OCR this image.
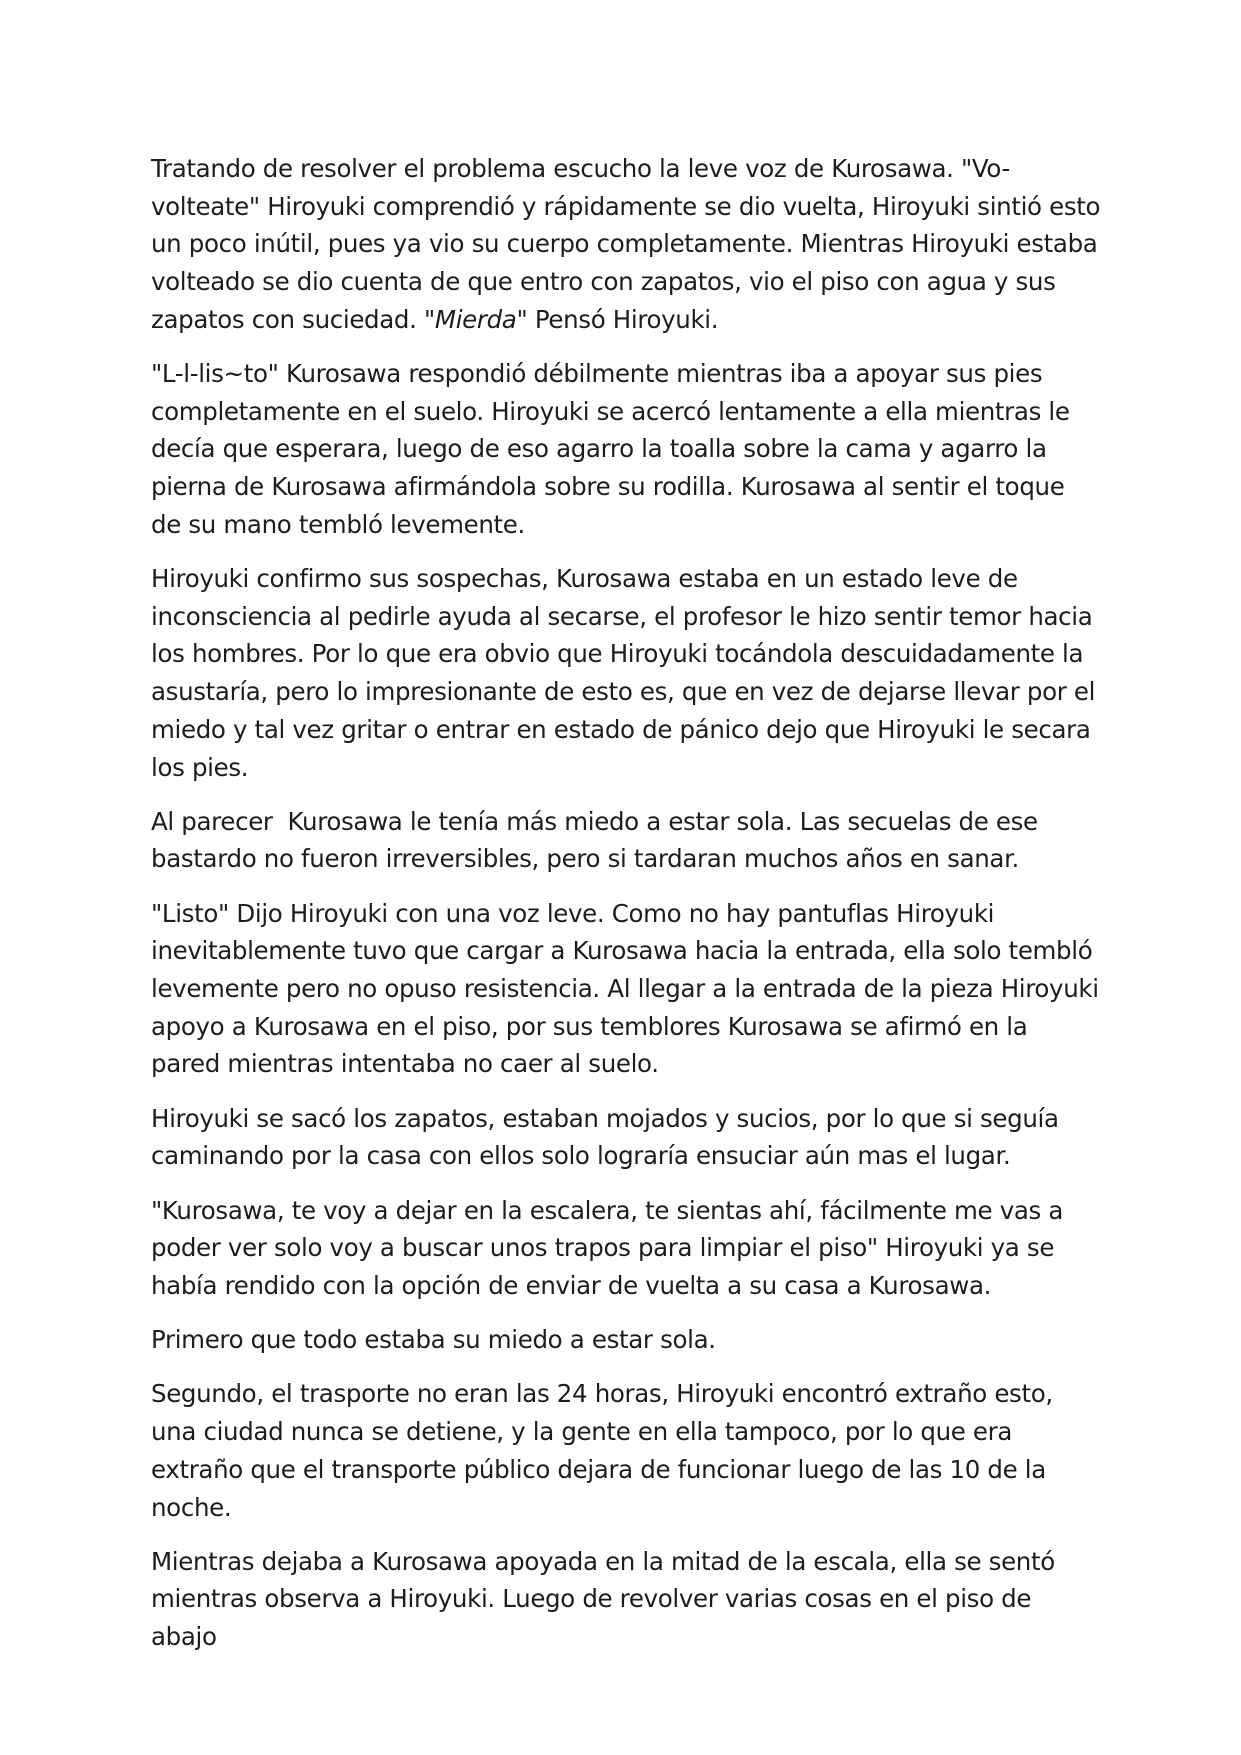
Tratando de resolver el problema escucho la leve voz de Kurosawa. "Vo-volteate" Hiroyuki comprendió y rápidamente se dio vuelta, Hiroyuki sintió esto un poco inútil, pues ya vio su cuerpo completamente. Mientras Hiroyuki estaba volteado se dio cuenta de que entro con zapatos, vio el piso con agua y sus zapatos con suciedad. "Mierda" Pensó Hiroyuki.

"L-l-lis~to" Kurosawa respondió débilmente mientras iba a apoyar sus pies completamente en el suelo. Hiroyuki se acercó lentamente a ella mientras le decía que esperara, luego de eso agarro la toalla sobre la cama y agarro la pierna de Kurosawa afirmándola sobre su rodilla. Kurosawa al sentir el toque de su mano tembló levemente.

Hiroyuki confirmo sus sospechas, Kurosawa estaba en un estado leve de inconsciencia al pedirle ayuda al secarse, el profesor le hizo sentir temor hacia los hombres. Por lo que era obvio que Hiroyuki tocándola descuidadamente la asustaría, pero lo impresionante de esto es, que en vez de dejarse llevar por el miedo y tal vez gritar o entrar en estado de pánico dejo que Hiroyuki le secara los pies.

Al parecer  Kurosawa le tenía más miedo a estar sola. Las secuelas de ese bastardo no fueron irreversibles, pero si tardaran muchos años en sanar.

"Listo" Dijo Hiroyuki con una voz leve. Como no hay pantuflas Hiroyuki inevitablemente tuvo que cargar a Kurosawa hacia la entrada, ella solo tembló levemente pero no opuso resistencia. Al llegar a la entrada de la pieza Hiroyuki apoyo a Kurosawa en el piso, por sus temblores Kurosawa se afirmó en la pared mientras intentaba no caer al suelo.

Hiroyuki se sacó los zapatos, estaban mojados y sucios, por lo que si seguía caminando por la casa con ellos solo lograría ensuciar aún mas el lugar.

"Kurosawa, te voy a dejar en la escalera, te sientas ahí, fácilmente me vas a poder ver solo voy a buscar unos trapos para limpiar el piso" Hiroyuki ya se había rendido con la opción de enviar de vuelta a su casa a Kurosawa.

Primero que todo estaba su miedo a estar sola.

Segundo, el trasporte no eran las 24 horas, Hiroyuki encontró extraño esto, una ciudad nunca se detiene, y la gente en ella tampoco, por lo que era extraño que el transporte público dejara de funcionar luego de las 10 de la noche.

Mientras dejaba a Kurosawa apoyada en la mitad de la escala, ella se sentó mientras observa a Hiroyuki. Luego de revolver varias cosas en el piso de abajo
